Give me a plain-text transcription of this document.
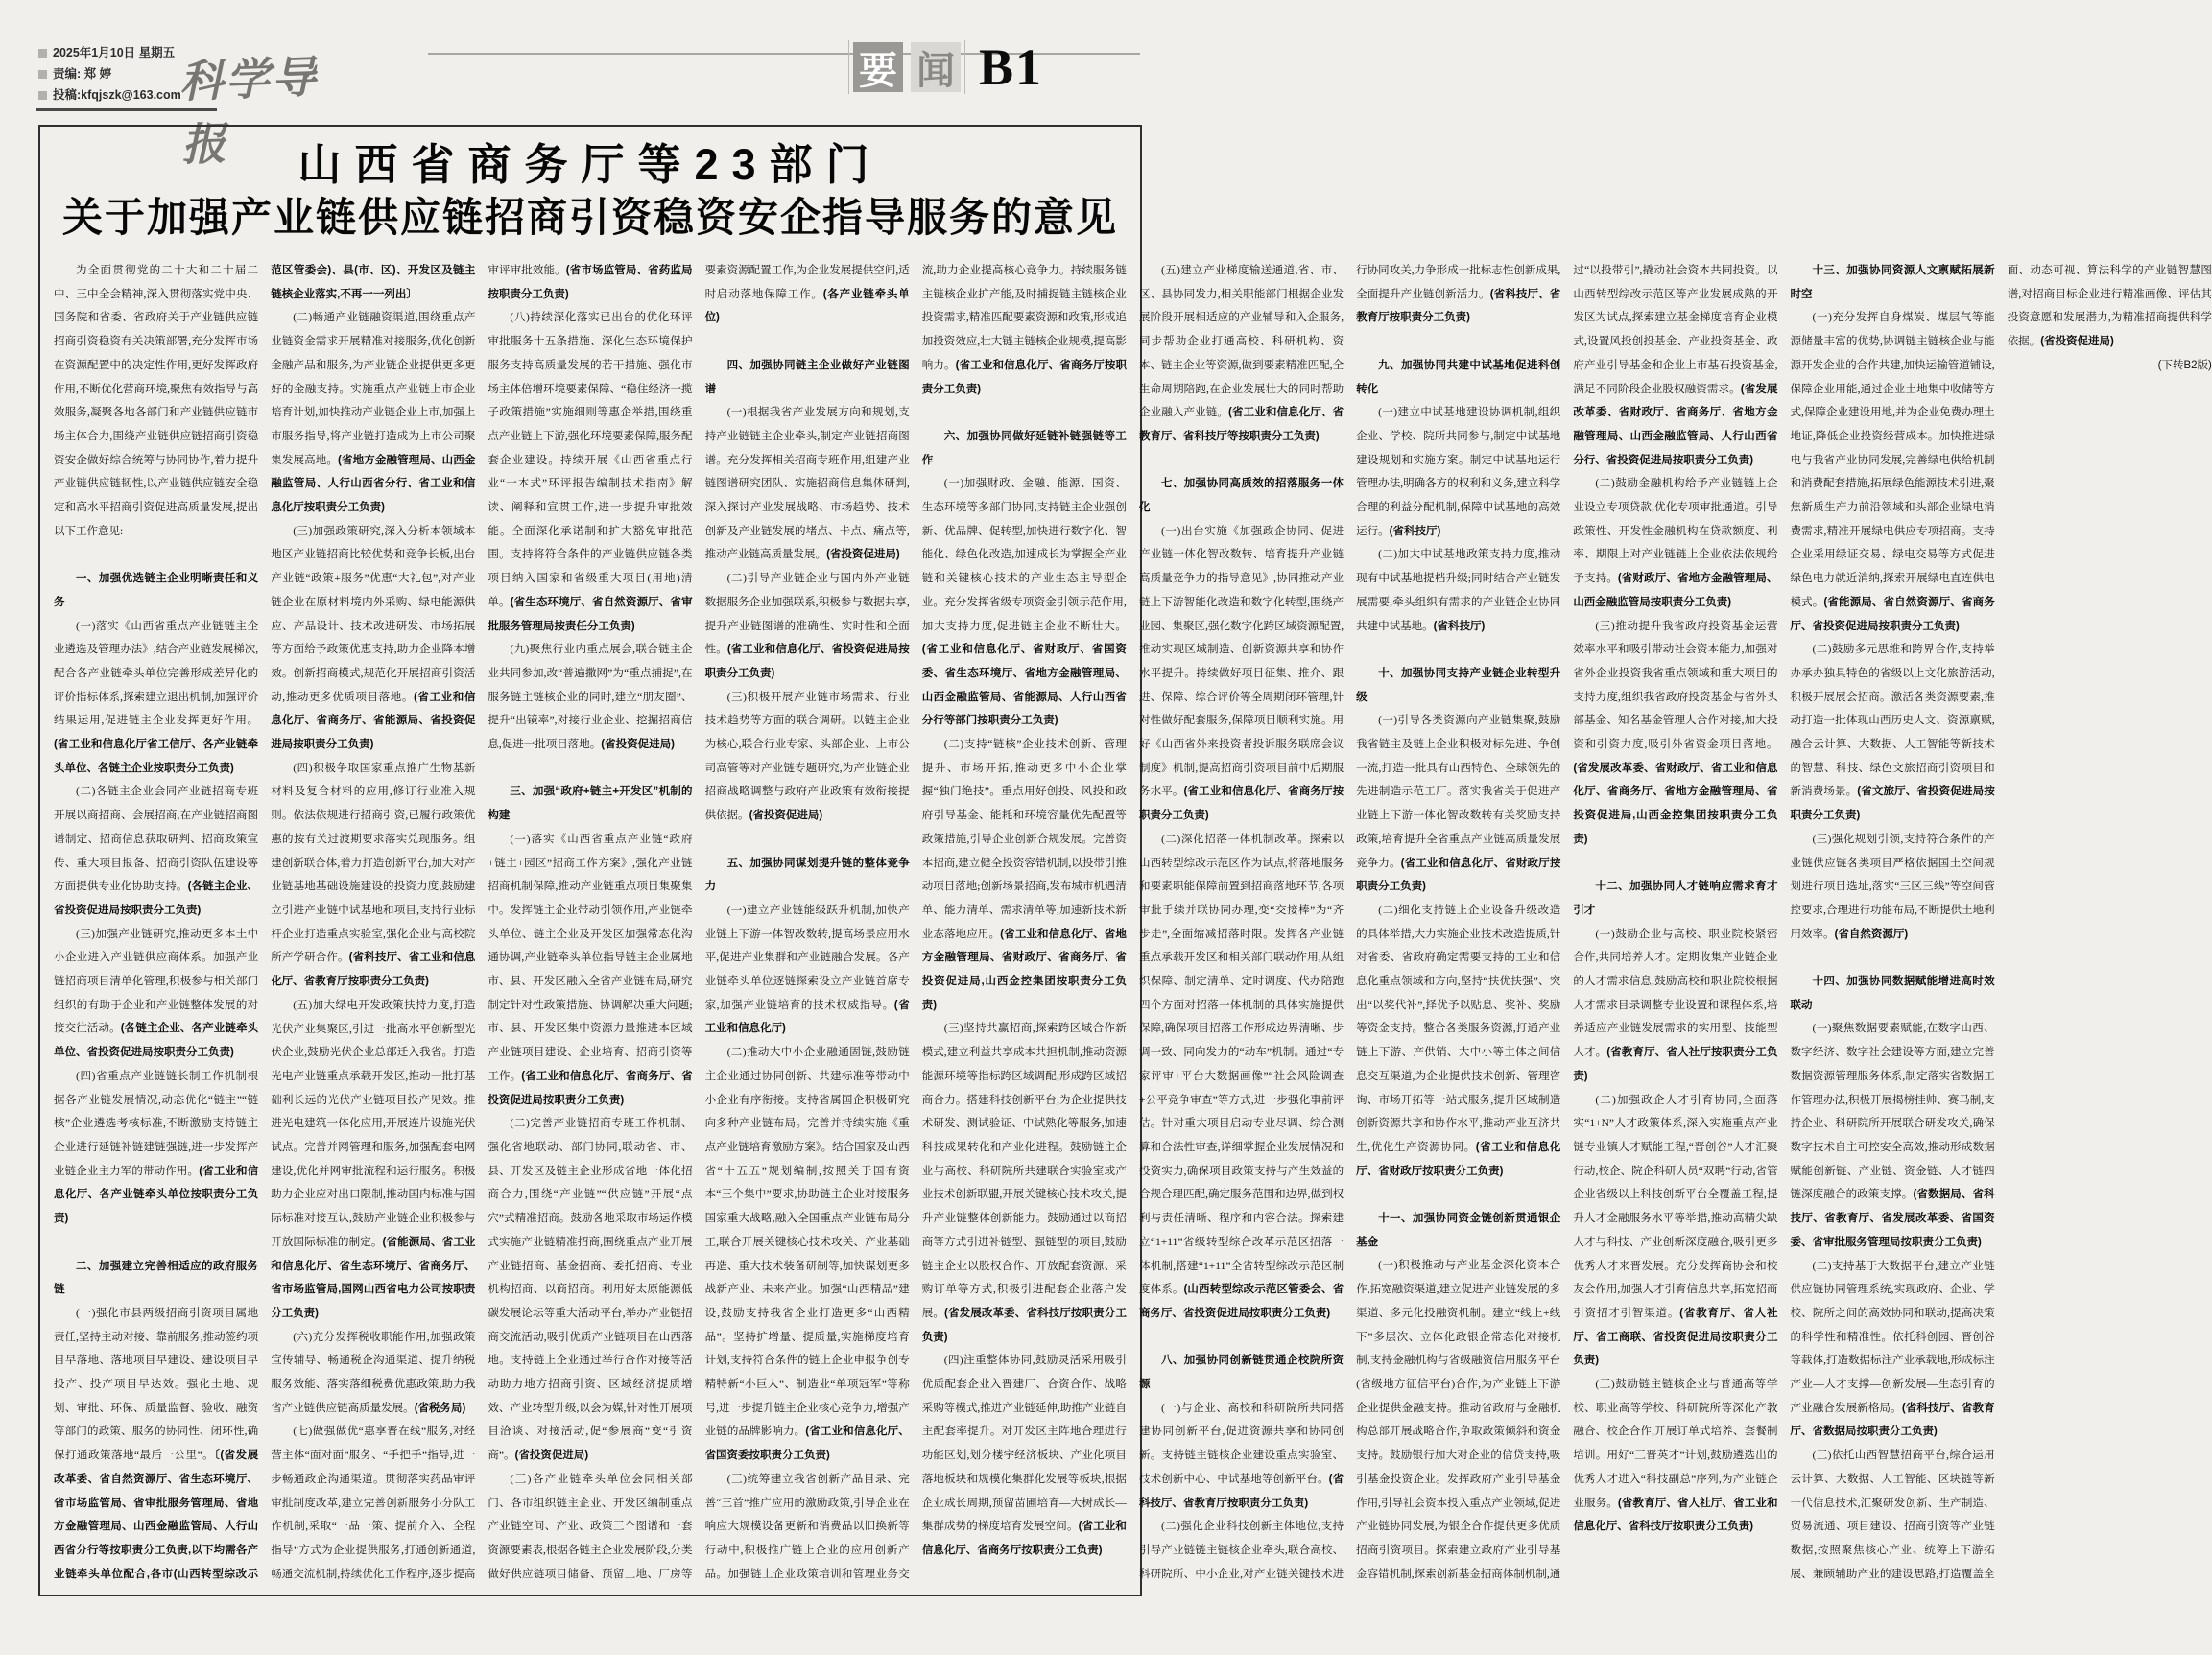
2025年1月10日 星期五
责编: 郑 婷
投稿:kfqjszk@163.com
科学导报
要 闻 B1
山西省商务厅等23部门
关于加强产业链供应链招商引资稳资安企指导服务的意见

为全面贯彻党的二十大和二十届二中、三中全会精神,深入贯彻落实党中央、国务院和省委、省政府关于产业链供应链招商引资稳资有关决策部署,充分发挥市场在资源配置中的决定性作用,更好发挥政府作用,不断优化营商环境,聚焦有效指导与高效服务,凝聚各地各部门和产业链供应链市场主体合力,围绕产业链供应链招商引资稳资安企做好综合统筹与协同协作,着力提升产业链供应链韧性,以产业链供应链安全稳定和高水平招商引资促进高质量发展,提出以下工作意见:

一、加强优选链主企业明晰责任和义务

(一)落实《山西省重点产业链链主企业遴选及管理办法》,结合产业链发展梯次,配合各产业链牵头单位完善形成差异化的评价指标体系,探索建立退出机制,加强评价结果运用,促进链主企业发挥更好作用。(省工业和信息化厅省工信厅、各产业链牵头单位、各链主企业按职责分工负责)

(二)各链主企业会同产业链招商专班开展以商招商、会展招商,在产业链招商图谱制定、招商信息获取研判、招商政策宣传、重大项目报备、招商引资队伍建设等方面提供专业化协助支持。(各链主企业、省投资促进局按职责分工负责)

(三)加强产业链研究,推动更多本土中小企业进入产业链供应商体系。加强产业链招商项目清单化管理,积极参与相关部门组织的有助于企业和产业链整体发展的对接交往活动。(各链主企业、各产业链牵头单位、省投资促进局按职责分工负责)

(四)省重点产业链链长制工作机制根据各产业链发展情况,动态优化“链主”“链核”企业遴选考核标准,不断激励支持链主企业进行延链补链建链强链,进一步发挥产业链企业主力军的带动作用。(省工业和信息化厅、各产业链牵头单位按职责分工负责)

二、加强建立完善相适应的政府服务链

(一)强化市县两级招商引资项目属地责任,坚持主动对接、靠前服务,推动签约项目早落地、落地项目早建设、建设项目早投产、投产项目早达效。强化土地、规划、审批、环保、质量监督、验收、融资等部门的政策、服务的协同性、闭环性,确保打通政策落地“最后一公里”。〔(省发展改革委、省自然资源厅、省生态环境厅、省市场监管局、省审批服务管理局、省地方金融管理局、山西金融监管局、人行山西省分行等按职责分工负责,以下均需各产业链牵头单位配合,各市(山西转型综改示范区管委会)、县(市、区)、开发区及链主链核企业落实,不再一一列出〕

(二)畅通产业链融资渠道,围绕重点产业链资金需求开展精准对接服务,优化创新金融产品和服务,为产业链企业提供更多更好的金融支持。实施重点产业链上市企业培育计划,加快推动产业链企业上市,加强上市服务指导,将产业链打造成为上市公司聚集发展高地。(省地方金融管理局、山西金融监管局、人行山西省分行、省工业和信息化厅按职责分工负责)

(三)加强政策研究,深入分析本领域本地区产业链招商比较优势和竞争长板,出台产业链“政策+服务”优惠“大礼包”,对产业链企业在原材料境内外采购、绿电能源供应、产品设计、技术改进研发、市场拓展等方面给予政策优惠支持,助力企业降本增效。创新招商模式,规范化开展招商引资活动,推动更多优质项目落地。(省工业和信息化厅、省商务厅、省能源局、省投资促进局按职责分工负责)

(四)积极争取国家重点推广生物基新材料及复合材料的应用,修订行业准入规则。依法依规进行招商引资,已履行政策优惠的按有关过渡期要求落实兑现服务。组建创新联合体,着力打造创新平台,加大对产业链基地基础设施建设的投资力度,鼓励建立引进产业链中试基地和项目,支持行业标杆企业打造重点实验室,强化企业与高校院所产学研合作。(省科技厅、省工业和信息化厅、省教育厅按职责分工负责)

(五)加大绿电开发政策扶持力度,打造光伏产业集聚区,引进一批高水平创新型光伏企业,鼓励光伏企业总部迁入我省。打造光电产业链重点承载开发区,推动一批打基础利长远的光伏产业链项目投产见效。推进光电建筑一体化应用,开展连片设施光伏试点。完善并网管理和服务,加强配套电网建设,优化并网审批流程和运行服务。积极助力企业应对出口限制,推动国内标准与国际标准对接互认,鼓励产业链企业积极参与开放国际标准的制定。(省能源局、省工业和信息化厅、省生态环境厅、省商务厅、省市场监管局,国网山西省电力公司按职责分工负责)

(六)充分发挥税收职能作用,加强政策宣传辅导、畅通税企沟通渠道、提升纳税服务效能、落实落细税费优惠政策,助力我省产业链供应链高质量发展。(省税务局)

(七)做强做优“惠享晋在线”服务,对经营主体“面对面”服务、“手把手”指导,进一步畅通政企沟通渠道。贯彻落实药品审评审批制度改革,建立完善创新服务小分队工作机制,采取“一品一策、提前介入、全程指导”方式为企业提供服务,打通创新通道,畅通交流机制,持续优化工作程序,逐步提高审评审批效能。(省市场监管局、省药监局按职责分工负责)

(八)持续深化落实已出台的优化环评审批服务十五条措施、深化生态环境保护服务支持高质量发展的若干措施、强化市场主体倍增环境要素保障、“稳住经济一揽子政策措施”实施细则等惠企举措,围绕重点产业链上下游,强化环境要素保障,服务配套企业建设。持续开展《山西省重点行业“一本式”环评报告编制技术指南》解读、阐释和宣贯工作,进一步提升审批效能。全面深化承诺制和扩大豁免审批范围。支持将符合条件的产业链供应链各类项目纳入国家和省级重大项目(用地)清单。(省生态环境厅、省自然资源厅、省审批服务管理局按责任分工负责)

(九)聚焦行业内重点展会,联合链主企业共同参加,改“普遍撒网”为“重点捕捉”,在服务链主链核企业的同时,建立“朋友圈”、提升“出镜率”,对接行业企业、挖掘招商信息,促进一批项目落地。(省投资促进局)

三、加强“政府+链主+开发区”机制的构建

(一)落实《山西省重点产业链“政府+链主+园区”招商工作方案》,强化产业链招商机制保障,推动产业链重点项目集聚集中。发挥链主企业带动引领作用,产业链牵头单位、链主企业及开发区加强常态化沟通协调,产业链牵头单位指导链主企业属地市、县、开发区融入全省产业链布局,研究制定针对性政策措施、协调解决重大问题;市、县、开发区集中资源力量推进本区域产业链项目建设、企业培育、招商引资等工作。(省工业和信息化厅、省商务厅、省投资促进局按职责分工负责)

(二)完善产业链招商专班工作机制、强化省地联动、部门协同,联动省、市、县、开发区及链主企业形成省地一体化招商合力,围绕“产业链”“供应链”开展“点穴”式精准招商。鼓励各地采取市场运作模式实施产业链精准招商,围绕重点产业开展产业链招商、基金招商、委托招商、专业机构招商、以商招商。利用好太原能源低碳发展论坛等重大活动平台,举办产业链招商交流活动,吸引优质产业链项目在山西落地。支持链上企业通过举行合作对接等活动助力地方招商引资、区域经济提质增效、产业转型升级,以会为媒,针对性开展项目洽谈、对接活动,促“参展商”变“引资商”。(省投资促进局)

(三)各产业链牵头单位会同相关部门、各市组织链主企业、开发区编制重点产业链空间、产业、政策三个图谱和一套资源要素表,根据各链主企业发展阶段,分类做好供应链项目储备、预留土地、厂房等要素资源配置工作,为企业发展提供空间,适时启动落地保障工作。(各产业链牵头单位)

四、加强协同链主企业做好产业链图谱

(一)根据我省产业发展方向和规划,支持产业链链主企业牵头,制定产业链招商图谱。充分发挥相关招商专班作用,组建产业链图谱研究团队、实施招商信息集体研判,深入探讨产业发展战略、市场趋势、技术创新及产业链发展的堵点、卡点、痛点等,推动产业链高质量发展。(省投资促进局)

(二)引导产业链企业与国内外产业链数据服务企业加强联系,积极参与数据共享,提升产业链图谱的准确性、实时性和全面性。(省工业和信息化厅、省投资促进局按职责分工负责)

(三)积极开展产业链市场需求、行业技术趋势等方面的联合调研。以链主企业为核心,联合行业专家、头部企业、上市公司高管等对产业链专题研究,为产业链企业招商战略调整与政府产业政策有效衔接提供依据。(省投资促进局)

五、加强协同谋划提升链的整体竞争力

(一)建立产业链能级跃升机制,加快产业链上下游一体智改数转,提高场景应用水平,促进产业集群和产业链融合发展。各产业链牵头单位逐链探索设立产业链首席专家,加强产业链培育的技术权威指导。(省工业和信息化厅)

(二)推动大中小企业融通固链,鼓励链主企业通过协同创新、共建标准等带动中小企业有序衔接。支持省属国企积极研究向多种产业链布局。完善并持续实施《重点产业链培育激励方案》。结合国家及山西省“十五五”规划编制,按照关于国有资本“三个集中”要求,协助链主企业对接服务国家重大战略,融入全国重点产业链布局分工,联合开展关键核心技术攻关、产业基础再造、重大技术装备研制等,加快谋划更多战新产业、未来产业。加强“山西精品”建设,鼓励支持我省企业打造更多“山西精品”。坚持扩增量、提质量,实施梯度培育计划,支持符合条件的链上企业申报争创专精特新“小巨人”、制造业“单项冠军”等称号,进一步提升链主企业核心竞争力,增强产业链的品牌影响力。(省工业和信息化厅、省国资委按职责分工负责)

(三)统筹建立我省创新产品目录、完善“三首”推广应用的激励政策,引导企业在响应大规模设备更新和消费品以旧换新等行动中,积极推广链上企业的应用创新产品。加强链上企业政策培训和管理业务交流,助力企业提高核心竞争力。持续服务链主链核企业扩产能,及时捕捉链主链核企业投资需求,精准匹配要素资源和政策,形成追加投资效应,壮大链主链核企业规模,提高影响力。(省工业和信息化厅、省商务厅按职责分工负责)

六、加强协同做好延链补链强链等工作

(一)加强财政、金融、能源、国资、生态环境等多部门协同,支持链主企业强创新、优品牌、促转型,加快进行数字化、智能化、绿色化改造,加速成长为掌握全产业链和关键核心技术的产业生态主导型企业。充分发挥省级专项资金引领示范作用,加大支持力度,促进链主企业不断壮大。(省工业和信息化厅、省财政厅、省国资委、省生态环境厅、省地方金融管理局、山西金融监管局、省能源局、人行山西省分行等部门按职责分工负责)

(二)支持“链核”企业技术创新、管理提升、市场开拓,推动更多中小企业掌握“独门绝技”。重点用好创投、风投和政府引导基金、能耗和环境容量优先配置等政策措施,引导企业创新合规发展。完善资本招商,建立健全投资容错机制,以投带引推动项目落地;创新场景招商,发布城市机遇清单、能力清单、需求清单等,加速新技术新业态落地应用。(省工业和信息化厅、省地方金融管理局、省财政厅、省商务厅、省投资促进局,山西金控集团按职责分工负责)

(三)坚持共赢招商,探索跨区域合作新模式,建立利益共享成本共担机制,推动资源能源环境等指标跨区域调配,形成跨区域招商合力。搭建科技创新平台,为企业提供技术研发、测试验证、中试熟化等服务,加速科技成果转化和产业化进程。鼓励链主企业与高校、科研院所共建联合实验室或产业技术创新联盟,开展关键核心技术攻关,提升产业链整体创新能力。鼓励通过以商招商等方式引进补链型、强链型的项目,鼓励链主企业以股权合作、开放配套资源、采购订单等方式,积极引进配套企业落户发展。(省发展改革委、省科技厅按职责分工负责)

(四)注重整体协同,鼓励灵活采用吸引优质配套企业入晋建厂、合资合作、战略采购等模式,推进产业链延伸,助推产业链自主配套率提升。对开发区主阵地合理进行功能区划,划分楼宇经济板块、产业化项目落地板块和规模化集群化发展等板块,根据企业成长周期,预留苗圃培育—大树成长—集群成势的梯度培育发展空间。(省工业和信息化厅、省商务厅按职责分工负责)

(五)建立产业梯度输送通道,省、市、区、县协同发力,相关职能部门根据企业发展阶段开展相适应的产业辅导和入企服务,同步帮助企业打通高校、科研机构、资本、链主企业等资源,做到要素精准匹配,全生命周期陪跑,在企业发展壮大的同时帮助企业融入产业链。(省工业和信息化厅、省教育厅、省科技厅等按职责分工负责)

七、加强协同高质效的招落服务一体化

(一)出台实施《加强政企协同、促进产业链一体化智改数转、培育提升产业链高质量竞争力的指导意见》,协同推动产业链上下游智能化改造和数字化转型,围绕产业园、集聚区,强化数字化跨区域资源配置,推动实现区域制造、创新资源共享和协作水平提升。持续做好项目征集、推介、跟进、保障、综合评价等全周期闭环管理,针对性做好配套服务,保障项目顺利实施。用好《山西省外来投资者投诉服务联席会议制度》机制,提高招商引资项目前中后期服务水平。(省工业和信息化厅、省商务厅按职责分工负责)

(二)深化招落一体机制改革。探索以山西转型综改示范区作为试点,将落地服务和要素职能保障前置到招商落地环节,各项审批手续并联协同办理,变“交接棒”为“齐步走”,全面缩减招落时限。发挥各产业链重点承载开发区和相关部门联动作用,从组织保障、制定清单、定时调度、代办陪跑四个方面对招落一体机制的具体实施提供保障,确保项目招落工作形成边界清晰、步调一致、同向发力的“动车”机制。通过“专家评审+平台大数据画像”“社会风险调查+公平竞争审查”等方式,进一步强化事前评估。针对重大项目启动专业尽调、综合测算和合法性审查,详细掌握企业发展情况和投资实力,确保项目政策支持与产生效益的合规合理匹配,确定服务范围和边界,做到权利与责任清晰、程序和内容合法。探索建立“1+11”省级转型综合改革示范区招落一体机制,搭建“1+11”全省转型综改示范区制度体系。(山西转型综改示范区管委会、省商务厅、省投资促进局按职责分工负责)

八、加强协同创新链贯通企校院所资源

(一)与企业、高校和科研院所共同搭建协同创新平台,促进资源共享和协同创新。支持链主链核企业建设重点实验室、技术创新中心、中试基地等创新平台。(省科技厅、省教育厅按职责分工负责)

(二)强化企业科技创新主体地位,支持引导产业链链主链核企业牵头,联合高校、科研院所、中小企业,对产业链关键技术进行协同攻关,力争形成一批标志性创新成果,全面提升产业链创新活力。(省科技厅、省教育厅按职责分工负责)

九、加强协同共建中试基地促进科创转化

(一)建立中试基地建设协调机制,组织企业、学校、院所共同参与,制定中试基地建设规划和实施方案。制定中试基地运行管理办法,明确各方的权利和义务,建立科学合理的利益分配机制,保障中试基地的高效运行。(省科技厅)

(二)加大中试基地政策支持力度,推动现有中试基地提档升级;同时结合产业链发展需要,牵头组织有需求的产业链企业协同共建中试基地。(省科技厅)

十、加强协同支持产业链企业转型升级

(一)引导各类资源向产业链集聚,鼓励我省链主及链上企业积极对标先进、争创一流,打造一批具有山西特色、全球领先的先进制造示范工厂。落实我省关于促进产业链上下游一体化智改数转有关奖励支持政策,培育提升全省重点产业链高质量发展竞争力。(省工业和信息化厅、省财政厅按职责分工负责)

(二)细化支持链上企业设备升级改造的具体举措,大力实施企业技术改造提质,针对省委、省政府确定需要支持的工业和信息化重点领域和方向,坚持“扶优扶强”、突出“以奖代补”,择优予以贴息、奖补、奖励等资金支持。整合各类服务资源,打通产业链上下游、产供销、大中小等主体之间信息交互渠道,为企业提供技术创新、管理咨询、市场开拓等一站式服务,提升区域制造创新资源共享和协作水平,推动产业互济共生,优化生产资源协同。(省工业和信息化厅、省财政厅按职责分工负责)

十一、加强协同资金链创新贯通银企基金

(一)积极推动与产业基金深化资本合作,拓宽融资渠道,建立促进产业链发展的多渠道、多元化投融资机制。建立“线上+线下”多层次、立体化政银企常态化对接机制,支持金融机构与省级融资信用服务平台(省级地方征信平台)合作,为产业链上下游企业提供金融支持。推动省政府与金融机构总部开展战略合作,争取政策倾斜和资金支持。鼓励银行加大对企业的信贷支持,吸引基金投资企业。发挥政府产业引导基金作用,引导社会资本投入重点产业领域,促进产业链协同发展,为银企合作提供更多优质招商引资项目。探索建立政府产业引导基金容错机制,探索创新基金招商体制机制,通过“以投带引”,撬动社会资本共同投资。以山西转型综改示范区等产业发展成熟的开发区为试点,探索建立基金梯度培育企业模式,设置风投创投基金、产业投资基金、政府产业引导基金和企业上市基石投资基金,满足不同阶段企业股权融资需求。(省发展改革委、省财政厅、省商务厅、省地方金融管理局、山西金融监管局、人行山西省分行、省投资促进局按职责分工负责)

(二)鼓励金融机构给予产业链链上企业设立专项贷款,优化专项审批通道。引导政策性、开发性金融机构在贷款额度、利率、期限上对产业链链上企业依法依规给予支持。(省财政厅、省地方金融管理局、山西金融监管局按职责分工负责)

(三)推动提升我省政府投资基金运营效率水平和吸引带动社会资本能力,加强对省外企业投资我省重点领域和重大项目的支持力度,组织我省政府投资基金与省外头部基金、知名基金管理人合作对接,加大投资和引资力度,吸引外省资金项目落地。(省发展改革委、省财政厅、省工业和信息化厅、省商务厅、省地方金融管理局、省投资促进局,山西金控集团按职责分工负责)

十二、加强协同人才链响应需求育才引才

(一)鼓励企业与高校、职业院校紧密合作,共同培养人才。定期收集产业链企业的人才需求信息,鼓励高校和职业院校根据人才需求目录调整专业设置和课程体系,培养适应产业链发展需求的实用型、技能型人才。(省教育厅、省人社厅按职责分工负责)

(二)加强政企人才引育协同,全面落实“1+N”人才政策体系,深入实施重点产业链专业镇人才赋能工程,“晋创谷”人才汇聚行动,校企、院企科研人员“双聘”行动,省管企业省级以上科技创新平台全覆盖工程,提升人才金融服务水平等举措,推动高精尖缺人才与科技、产业创新深度融合,吸引更多优秀人才来晋发展。充分发挥商协会和校友会作用,加强人才引育信息共享,拓宽招商引资招才引智渠道。(省教育厅、省人社厅、省工商联、省投资促进局按职责分工负责)

(三)鼓励链主链核企业与普通高等学校、职业高等学校、科研院所等深化产教融合、校企合作,开展订单式培养、套餐制培训。用好“三晋英才”计划,鼓励遴选出的优秀人才进入“科技副总”序列,为产业链企业服务。(省教育厅、省人社厅、省工业和信息化厅、省科技厅按职责分工负责)

十三、加强协同资源人文禀赋拓展新时空

(一)充分发挥自身煤炭、煤层气等能源储量丰富的优势,协调链主链核企业与能源开发企业的合作共建,加快运输管道铺设,保障企业用能,通过企业土地集中收储等方式,保障企业建设用地,并为企业免费办理土地证,降低企业投资经营成本。加快推进绿电与我省产业协同发展,完善绿电供给机制和消费配套措施,拓展绿色能源技术引进,聚焦新质生产力前沿领域和头部企业绿电消费需求,精准开展绿电供应专项招商。支持企业采用绿证交易、绿电交易等方式促进绿色电力就近消纳,探索开展绿电直连供电模式。(省能源局、省自然资源厅、省商务厅、省投资促进局按职责分工负责)

(二)鼓励多元思维和跨界合作,支持举办承办独具特色的省级以上文化旅游活动,积极开展展会招商。激活各类资源要素,推动打造一批体现山西历史人文、资源禀赋,融合云计算、大数据、人工智能等新技术的智慧、科技、绿色文旅招商引资项目和新消费场景。(省文旅厅、省投资促进局按职责分工负责)

(三)强化规划引领,支持符合条件的产业链供应链各类项目严格依据国土空间规划进行项目选址,落实“三区三线”等空间管控要求,合理进行功能布局,不断提供土地利用效率。(省自然资源厅)

十四、加强协同数据赋能增进高时效联动

(一)聚焦数据要素赋能,在数字山西、数字经济、数字社会建设等方面,建立完善数据资源管理服务体系,制定落实省数据工作管理办法,积极开展揭榜挂帅、赛马制,支持企业、科研院所开展联合研发攻关,确保数字技术自主可控安全高效,推动形成数据赋能创新链、产业链、资金链、人才链四链深度融合的政策支撑。(省数据局、省科技厅、省教育厅、省发展改革委、省国资委、省审批服务管理局按职责分工负责)

(二)支持基于大数据平台,建立产业链供应链协同管理系统,实现政府、企业、学校、院所之间的高效协同和联动,提高决策的科学性和精准性。依托科创园、晋创谷等载体,打造数据标注产业承载地,形成标注产业—人才支撑—创新发展—生态引育的产业融合发展新格局。(省科技厅、省教育厅、省数据局按职责分工负责)

(三)依托山西智慧招商平台,综合运用云计算、大数据、人工智能、区块链等新一代信息技术,汇聚研发创新、生产制造、贸易流通、项目建设、招商引资等产业链数据,按照聚焦核心产业、统筹上下游拓展、兼顾辅助产业的建设思路,打造覆盖全面、动态可视、算法科学的产业链智慧图谱,对招商目标企业进行精准画像、评估其投资意愿和发展潜力,为精准招商提供科学依据。(省投资促进局)

(下转B2版)
